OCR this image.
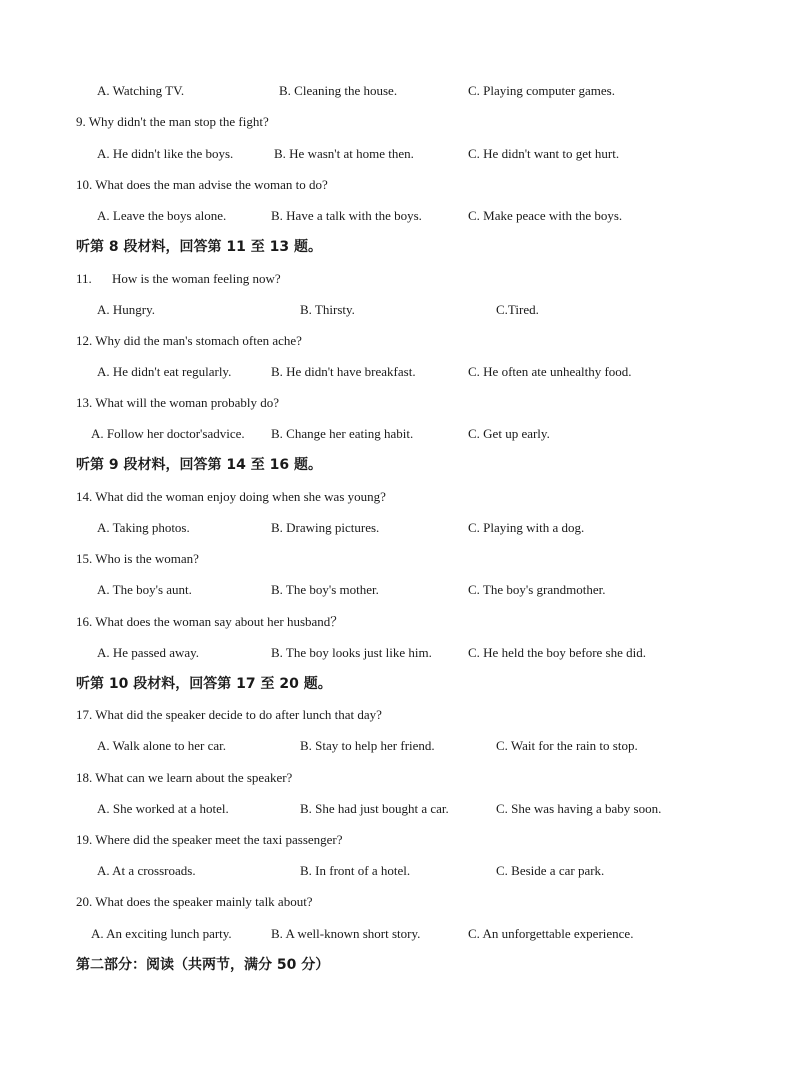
A. Watching TV.	B. Cleaning the house.	C. Playing computer games.
9. Why didn't the man stop the fight?
A. He didn't like the boys.	B. He wasn't at home then.	C. He didn't want to get hurt.
10. What does the man advise the woman to do?
A. Leave the boys alone.	B. Have a talk with the boys.	C. Make peace with the boys.
听第 8 段材料，回答第 11 至 13 题。
11. How is the woman feeling now?
A. Hungry.	B. Thirsty.	C.Tired.
12. Why did the man's stomach often ache?
A. He didn't eat regularly.	B. He didn't have breakfast.	C. He often ate unhealthy food.
13. What will the woman probably do?
A. Follow her doctor'sadvice. B. Change her eating habit.	C. Get up early.
听第 9 段材料，回答第 14 至 16 题。
14. What did the woman enjoy doing when she was young?
A. Taking photos.	B. Drawing pictures.	C. Playing with a dog.
15. Who is the woman?
A. The boy's aunt.	B. The boy's mother.	C. The boy's grandmother.
16. What does the woman say about her husband？
A. He passed away.	B. The boy looks just like him.	C. He held the boy before she did.
听第 10 段材料，回答第 17 至 20 题。
17. What did the speaker decide to do after lunch that day?
A. Walk alone to her car.	B. Stay to help her friend.	C. Wait for the rain to stop.
18. What can we learn about the speaker?
A. She worked at a hotel.	B. She had just bought a car.	C. She was having a baby soon.
19. Where did the speaker meet the taxi passenger?
A. At a crossroads.	B. In front of a hotel.	C. Beside a car park.
20. What does the speaker mainly talk about?
A. An exciting lunch party.	B. A well-known short story.	C. An unforgettable experience.
第二部分：阅读（共两节，满分 50 分）
